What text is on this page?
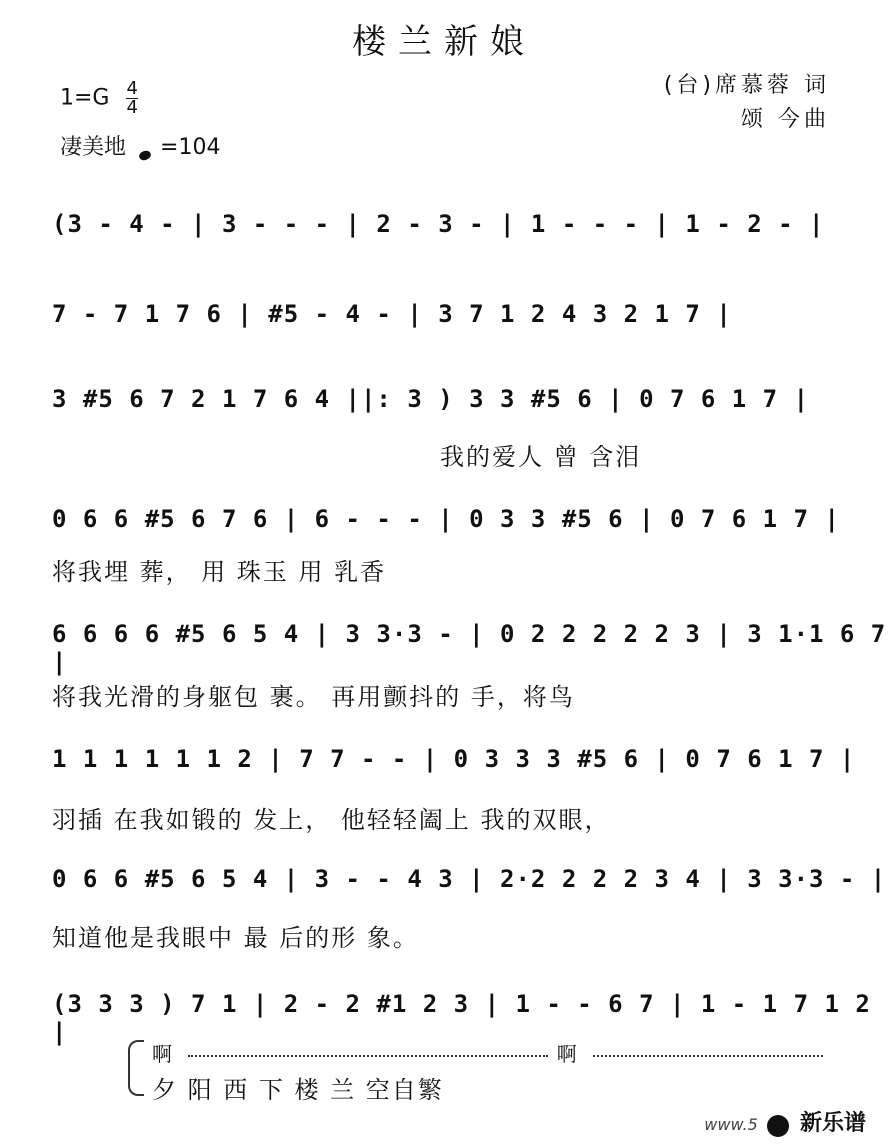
楼兰新娘
$1=G \frac{4}{4}$
凄美地 =104
(台)席慕蓉 词
颂 今曲
(3 - 4 - | 3 - - - | 2 - 3 - | 1 - - - | 1 - 2 - |
7 - 7 1 7 6 | #5 - 4 - | 3 7 1 2 4 3 2 1 7 |
3 #5 6 7 2 1 7 6 4 ||: 3 ) 3 3 #5 6 | 0 7 6 1 7 |
我的爱人 曾 含泪
0 6 6 #5 6 7 6 | 6 - - - | 0 3 3 #5 6 | 0 7 6 1 7 |
将我埋 葬， 用 珠玉 用 乳香
6 6 6 6 #5 6 5 4 | 3 3·3 - | 0 2 2 2 2 2 3 | 3 1·1 6 7 |
将我光滑的身躯包 裹。 再用颤抖的 手，将鸟
1 1 1 1 1 1 2 | 7 7 - - | 0 3 3 3 #5 6 | 0 7 6 1 7 |
羽插 在我如锻的 发上， 他轻轻阖上 我的双眼，
0 6 6 #5 6 5 4 | 3 - - 4 3 | 2·2 2 2 2 3 4 | 3 3·3 - |
知道他是我眼中 最 后的形 象。
(3 3 3 ) 7 1 | 2 - 2 #1 2 3 | 1 - - 6 7 | 1 - 1 7 1 2 |
啊	啊
夕 阳 西 下 楼 兰 空自繁
www.5 新乐谱
